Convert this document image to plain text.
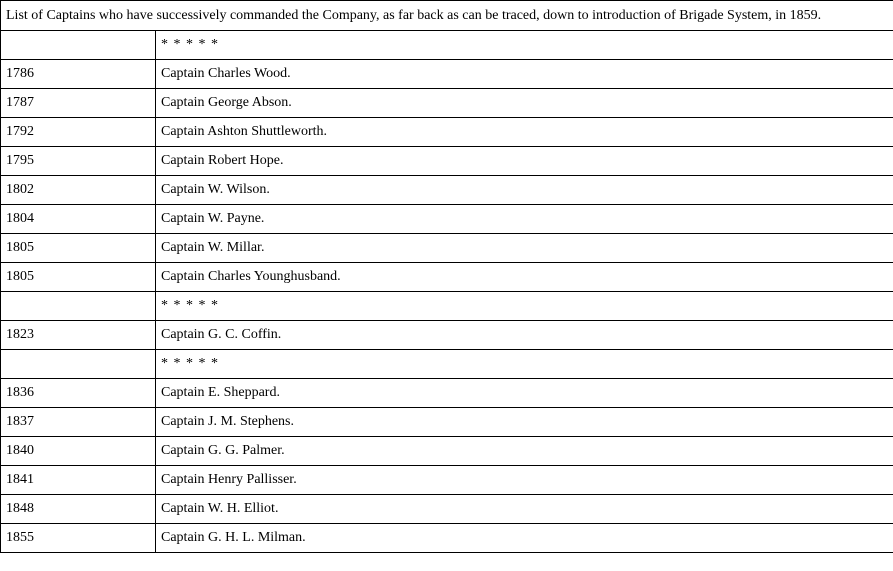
List of Captains who have successively commanded the Company, as far back as can be traced, down to introduction of Brigade System, in 1859.	
	* * * * *
1786	Captain Charles Wood.
1787	Captain George Abson.
1792	Captain Ashton Shuttleworth.
1795	Captain Robert Hope.
1802	Captain W. Wilson.
1804	Captain W. Payne.
1805	Captain W. Millar.
1805	Captain Charles Younghusband.
	* * * * *
1823	Captain G. C. Coffin.
	* * * * *
1836	Captain E. Sheppard.
1837	Captain J. M. Stephens.
1840	Captain G. G. Palmer.
1841	Captain Henry Pallisser.
1848	Captain W. H. Elliot.
1855	Captain G. H. L. Milman.
